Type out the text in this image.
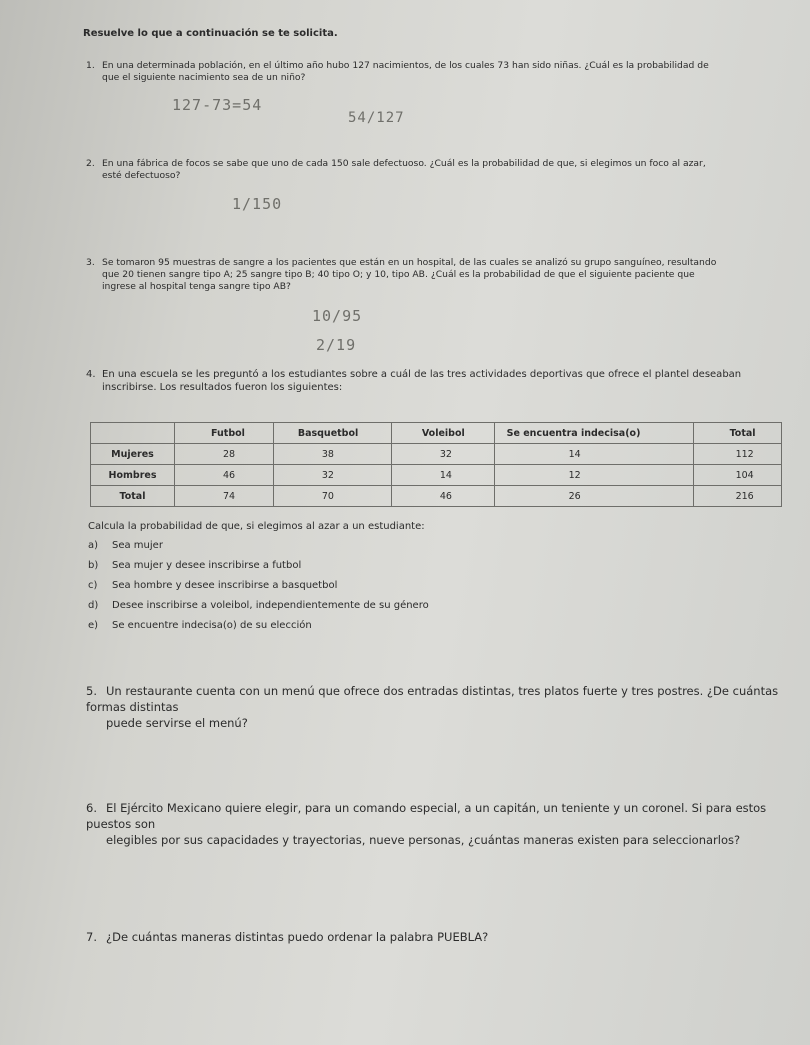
Resuelve lo que a continuación se te solicita.
1. En una determinada población, en el último año hubo 127 nacimientos, de los cuales 73 han sido niñas. ¿Cuál es la probabilidad de
que el siguiente nacimiento sea de un niño?
127-73=54
54/127
2. En una fábrica de focos se sabe que uno de cada 150 sale defectuoso. ¿Cuál es la probabilidad de que, si elegimos un foco al azar,
esté defectuoso?
1/150
3. Se tomaron 95 muestras de sangre a los pacientes que están en un hospital, de las cuales se analizó su grupo sanguíneo, resultando
que 20 tienen sangre tipo A; 25 sangre tipo B; 40 tipo O; y 10, tipo AB. ¿Cuál es la probabilidad de que el siguiente paciente que
ingrese al hospital tenga sangre tipo AB?
10/95
2/19
4. En una escuela se les preguntó a los estudiantes sobre a cuál de las tres actividades deportivas que ofrece el plantel deseaban
inscribirse. Los resultados fueron los siguientes:
	Futbol	Basquetbol	Voleibol	Se encuentra indecisa(o)	Total
Mujeres	28	38	32	14	112
Hombres	46	32	14	12	104
Total	74	70	46	26	216
Calcula la probabilidad de que, si elegimos al azar a un estudiante:
a) Sea mujer
b) Sea mujer y desee inscribirse a futbol
c) Sea hombre y desee inscribirse a basquetbol
d) Desee inscribirse a voleibol, independientemente de su género
e) Se encuentre indecisa(o) de su elección
5. Un restaurante cuenta con un menú que ofrece dos entradas distintas, tres platos fuerte y tres postres. ¿De cuántas formas distintas
puede servirse el menú?
6. El Ejército Mexicano quiere elegir, para un comando especial, a un capitán, un teniente y un coronel. Si para estos puestos son
elegibles por sus capacidades y trayectorias, nueve personas, ¿cuántas maneras existen para seleccionarlos?
7. ¿De cuántas maneras distintas puedo ordenar la palabra PUEBLA?
